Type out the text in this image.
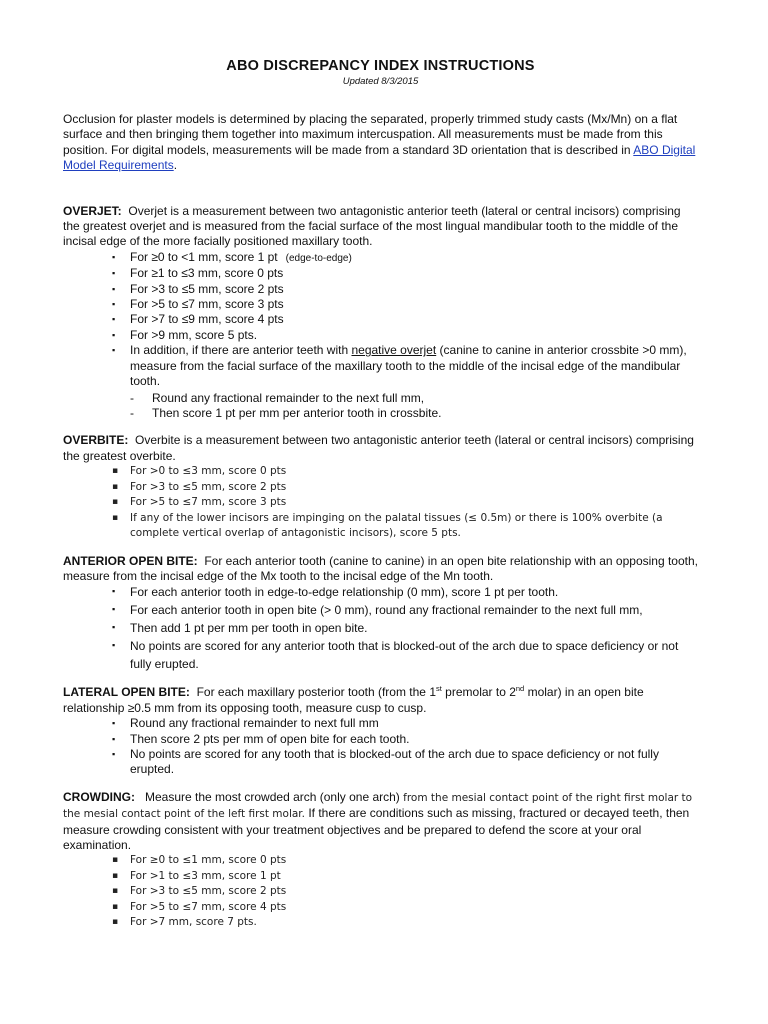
ABO DISCREPANCY INDEX INSTRUCTIONS
Updated 8/3/2015

Occlusion for plaster models is determined by placing the separated, properly trimmed study casts (Mx/Mn) on a flat surface and then bringing them together into maximum intercuspation. All measurements must be made from this position. For digital models, measurements will be made from a standard 3D orientation that is described in ABO Digital Model Requirements.

OVERJET: Overjet is a measurement between two antagonistic anterior teeth (lateral or central incisors) comprising the greatest overjet and is measured from the facial surface of the most lingual mandibular tooth to the middle of the incisal edge of the more facially positioned maxillary tooth.

▪ For ≥0 to <1 mm, score 1 pt (edge-to-edge)
▪ For ≥1 to ≤3 mm, score 0 pts
▪ For >3 to ≤5 mm, score 2 pts
▪ For >5 to ≤7 mm, score 3 pts
▪ For >7 to ≤9 mm, score 4 pts
▪ For >9 mm, score 5 pts.
▪ In addition, if there are anterior teeth with negative overjet (canine to canine in anterior crossbite >0 mm), measure from the facial surface of the maxillary tooth to the middle of the incisal edge of the mandibular tooth.
- Round any fractional remainder to the next full mm,
- Then score 1 pt per mm per anterior tooth in crossbite.

OVERBITE: Overbite is a measurement between two antagonistic anterior teeth (lateral or central incisors) comprising the greatest overbite.

▪ For >0 to ≤3 mm, score 0 pts
▪ For >3 to ≤5 mm, score 2 pts
▪ For >5 to ≤7 mm, score 3 pts
▪ If any of the lower incisors are impinging on the palatal tissues (≤ 0.5m) or there is 100% overbite (a complete vertical overlap of antagonistic incisors), score 5 pts.

ANTERIOR OPEN BITE: For each anterior tooth (canine to canine) in an open bite relationship with an opposing tooth, measure from the incisal edge of the Mx tooth to the incisal edge of the Mn tooth.

▪ For each anterior tooth in edge-to-edge relationship (0 mm), score 1 pt per tooth.
▪ For each anterior tooth in open bite (> 0 mm), round any fractional remainder to the next full mm,
▪ Then add 1 pt per mm per tooth in open bite.
▪ No points are scored for any anterior tooth that is blocked-out of the arch due to space deficiency or not fully erupted.

LATERAL OPEN BITE: For each maxillary posterior tooth (from the 1st premolar to 2nd molar) in an open bite relationship ≥0.5 mm from its opposing tooth, measure cusp to cusp.

▪ Round any fractional remainder to next full mm
▪ Then score 2 pts per mm of open bite for each tooth.
▪ No points are scored for any tooth that is blocked-out of the arch due to space deficiency or not fully erupted.

CROWDING: Measure the most crowded arch (only one arch) from the mesial contact point of the right first molar to the mesial contact point of the left first molar. If there are conditions such as missing, fractured or decayed teeth, then measure crowding consistent with your treatment objectives and be prepared to defend the score at your oral examination.

▪ For ≥0 to ≤1 mm, score 0 pts
▪ For >1 to ≤3 mm, score 1 pt
▪ For >3 to ≤5 mm, score 2 pts
▪ For >5 to ≤7 mm, score 4 pts
▪ For >7 mm, score 7 pts.
